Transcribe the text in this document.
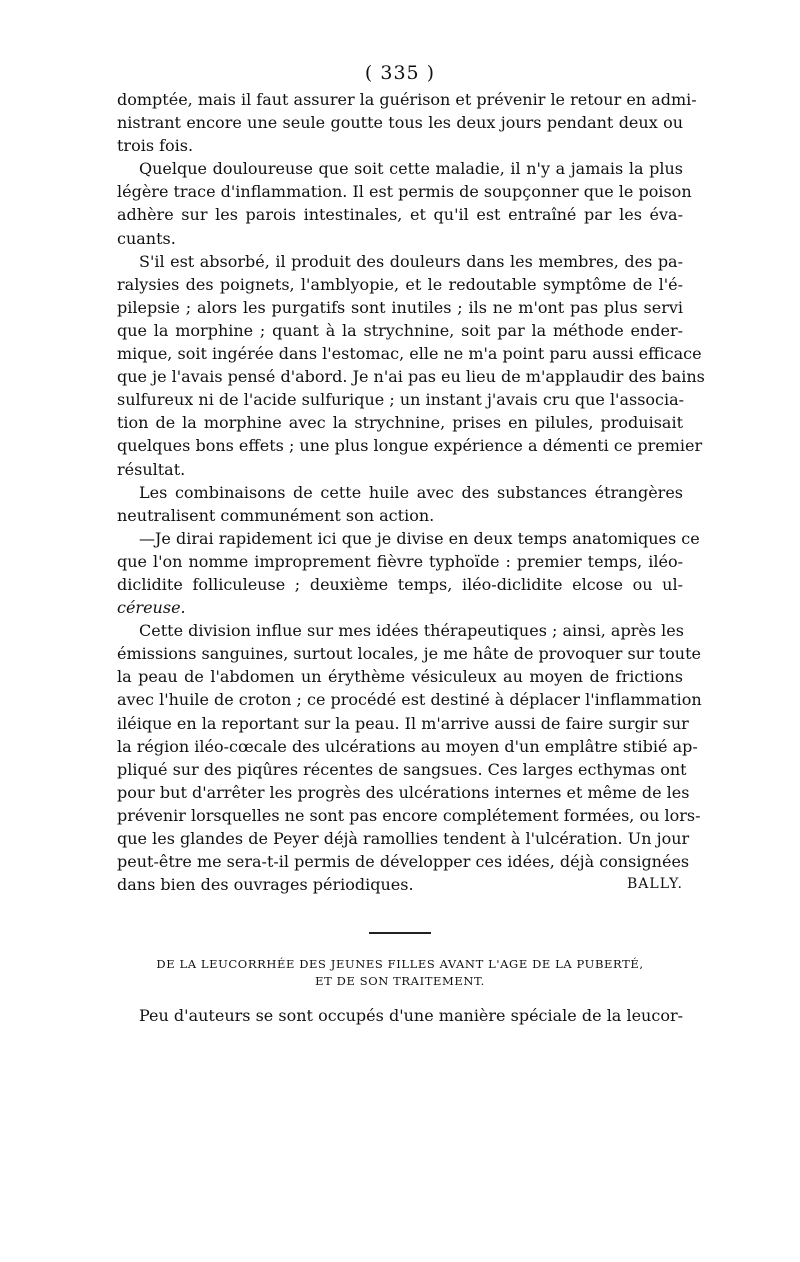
( 335 )

domptée, mais il faut assurer la guérison et prévenir le retour en admi-
nistrant encore une seule goutte tous les deux jours pendant deux ou
trois fois.

Quelque douloureuse que soit cette maladie, il n'y a jamais la plus
légère trace d'inflammation. Il est permis de soupçonner que le poison
adhère sur les parois intestinales, et qu'il est entraîné par les éva-
cuants.

S'il est absorbé, il produit des douleurs dans les membres, des pa-
ralysies des poignets, l'amblyopie, et le redoutable symptôme de l'é-
pilepsie ; alors les purgatifs sont inutiles ; ils ne m'ont pas plus servi
que la morphine ; quant à la strychnine, soit par la méthode ender-
mique, soit ingérée dans l'estomac, elle ne m'a point paru aussi efficace
que je l'avais pensé d'abord. Je n'ai pas eu lieu de m'applaudir des bains
sulfureux ni de l'acide sulfurique ; un instant j'avais cru que l'associa-
tion de la morphine avec la strychnine, prises en pilules, produisait
quelques bons effets ; une plus longue expérience a démenti ce premier
résultat.

Les combinaisons de cette huile avec des substances étrangères
neutralisent communément son action.

—Je dirai rapidement ici que je divise en deux temps anatomiques ce
que l'on nomme improprement fièvre typhoïde : premier temps, iléo-
diclidite folliculeuse ; deuxième temps, iléo-diclidite elcose ou ul-
céreuse.

Cette division influe sur mes idées thérapeutiques ; ainsi, après les
émissions sanguines, surtout locales, je me hâte de provoquer sur toute
la peau de l'abdomen un érythème vésiculeux au moyen de frictions
avec l'huile de croton ; ce procédé est destiné à déplacer l'inflammation
iléique en la reportant sur la peau. Il m'arrive aussi de faire surgir sur
la région iléo-cœcale des ulcérations au moyen d'un emplâtre stibié ap-
pliqué sur des piqûres récentes de sangsues. Ces larges ecthymas ont
pour but d'arrêter les progrès des ulcérations internes et même de les
prévenir lorsquelles ne sont pas encore complétement formées, ou lors-
que les glandes de Peyer déjà ramollies tendent à l'ulcération. Un jour
peut-être me sera-t-il permis de développer ces idées, déjà consignées
dans bien des ouvrages périodiques.	BALLY.

DE LA LEUCORRHÉE DES JEUNES FILLES AVANT L'AGE DE LA PUBERTÉ,
ET DE SON TRAITEMENT.

Peu d'auteurs se sont occupés d'une manière spéciale de la leucor-
